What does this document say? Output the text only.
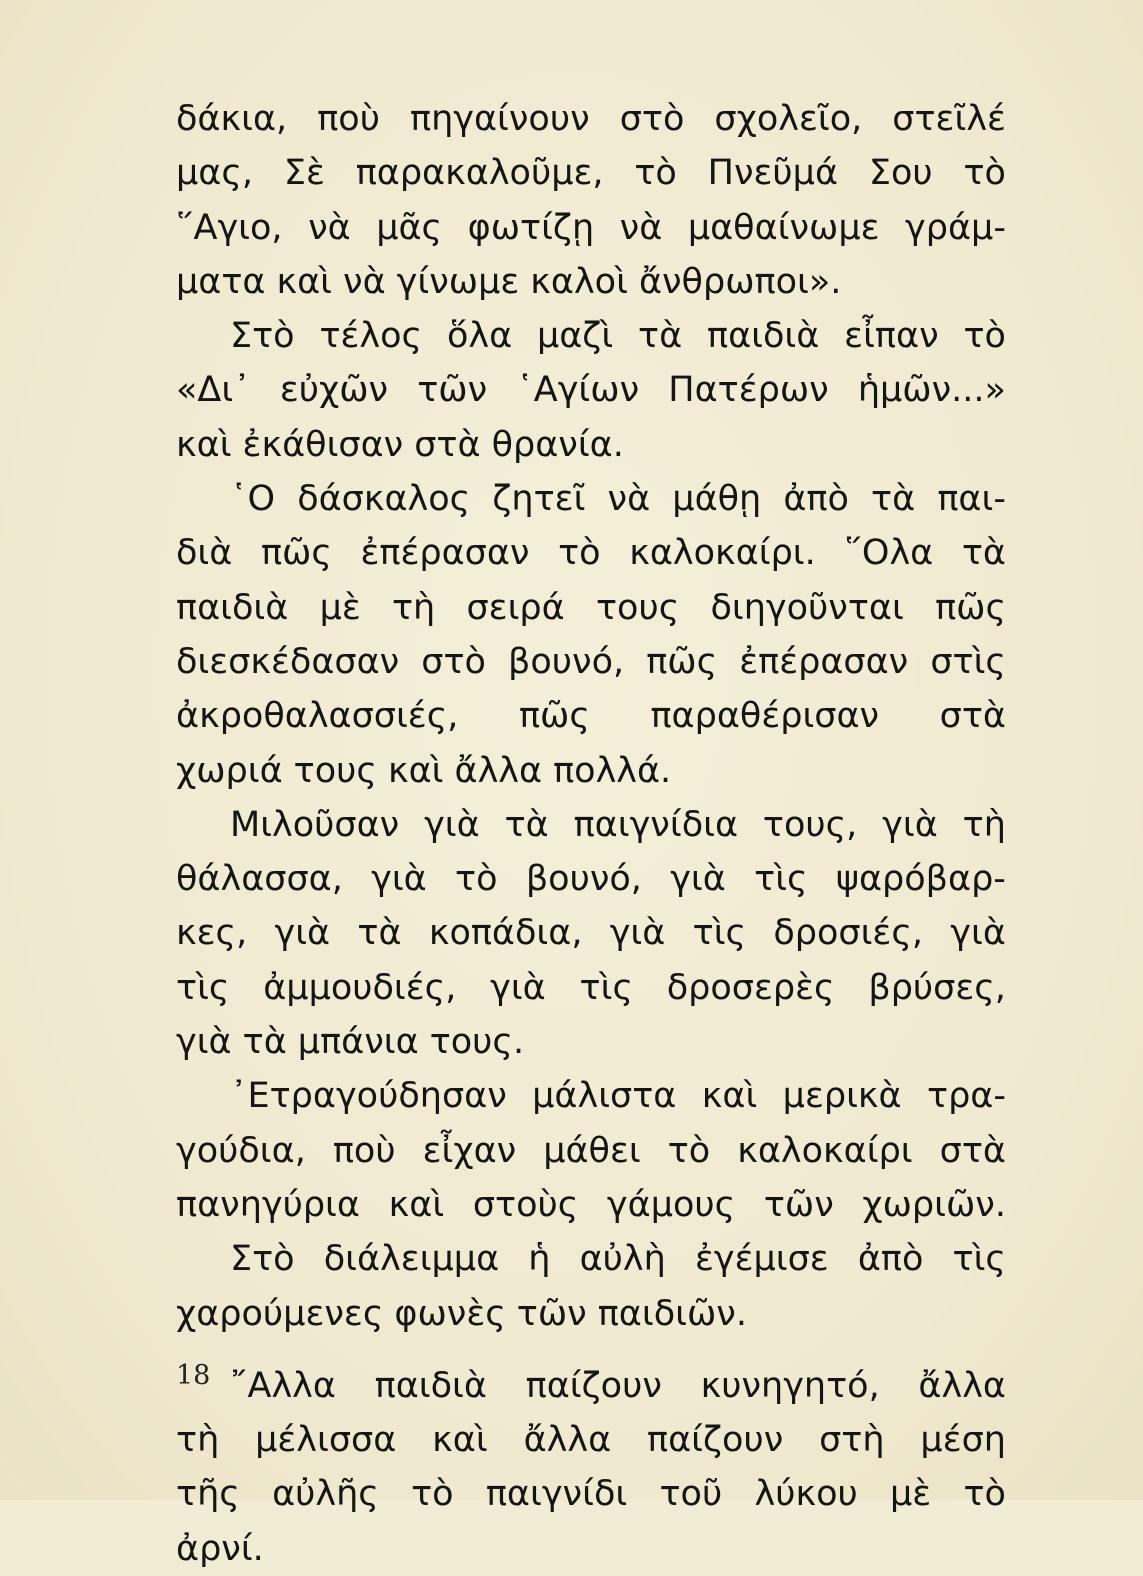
δάκια, ποὺ πηγαίνουν στὸ σχολεῖο, στεῖλέ
μας, Σὲ παρακαλοῦμε, τὸ Πνεῦμά Σου τὸ
῞Αγιο, νὰ μᾶς φωτίζῃ νὰ μαθαίνωμε γράμ-
ματα καὶ νὰ γίνωμε καλοὶ ἄνθρωποι».
Στὸ τέλος ὅλα μαζὶ τὰ παιδιὰ εἶπαν τὸ
«Δι᾽ εὐχῶν τῶν ῾Αγίων Πατέρων ἡμῶν...»
καὶ ἐκάθισαν στὰ θρανία.
῾Ο δάσκαλος ζητεῖ νὰ μάθῃ ἀπὸ τὰ παι-
διὰ πῶς ἐπέρασαν τὸ καλοκαίρι. ῞Ολα τὰ
παιδιὰ μὲ τὴ σειρά τους διηγοῦνται πῶς
διεσκέδασαν στὸ βουνό, πῶς ἐπέρασαν στὶς
ἀκροθαλασσιές, πῶς παραθέρισαν στὰ
χωριά τους καὶ ἄλλα πολλά.
Μιλοῦσαν γιὰ τὰ παιγνίδια τους, γιὰ τὴ
θάλασσα, γιὰ τὸ βουνό, γιὰ τὶς ψαρόβαρ-
κες, γιὰ τὰ κοπάδια, γιὰ τὶς δροσιές, γιὰ
τὶς ἀμμουδιές, γιὰ τὶς δροσερὲς βρύσες,
γιὰ τὰ μπάνια τους.
᾽Ετραγούδησαν μάλιστα καὶ μερικὰ τρα-
γούδια, ποὺ εἶχαν μάθει τὸ καλοκαίρι στὰ
πανηγύρια καὶ στοὺς γάμους τῶν χωριῶν.
Στὸ διάλειμμα ἡ αὐλὴ ἐγέμισε ἀπὸ τὶς
χαρούμενες φωνὲς τῶν παιδιῶν.
῎Αλλα παιδιὰ παίζουν κυνηγητό, ἄλλα
τὴ μέλισσα καὶ ἄλλα παίζουν στὴ μέση
τῆς αὐλῆς τὸ παιγνίδι τοῦ λύκου μὲ τὸ
ἀρνί.
18
